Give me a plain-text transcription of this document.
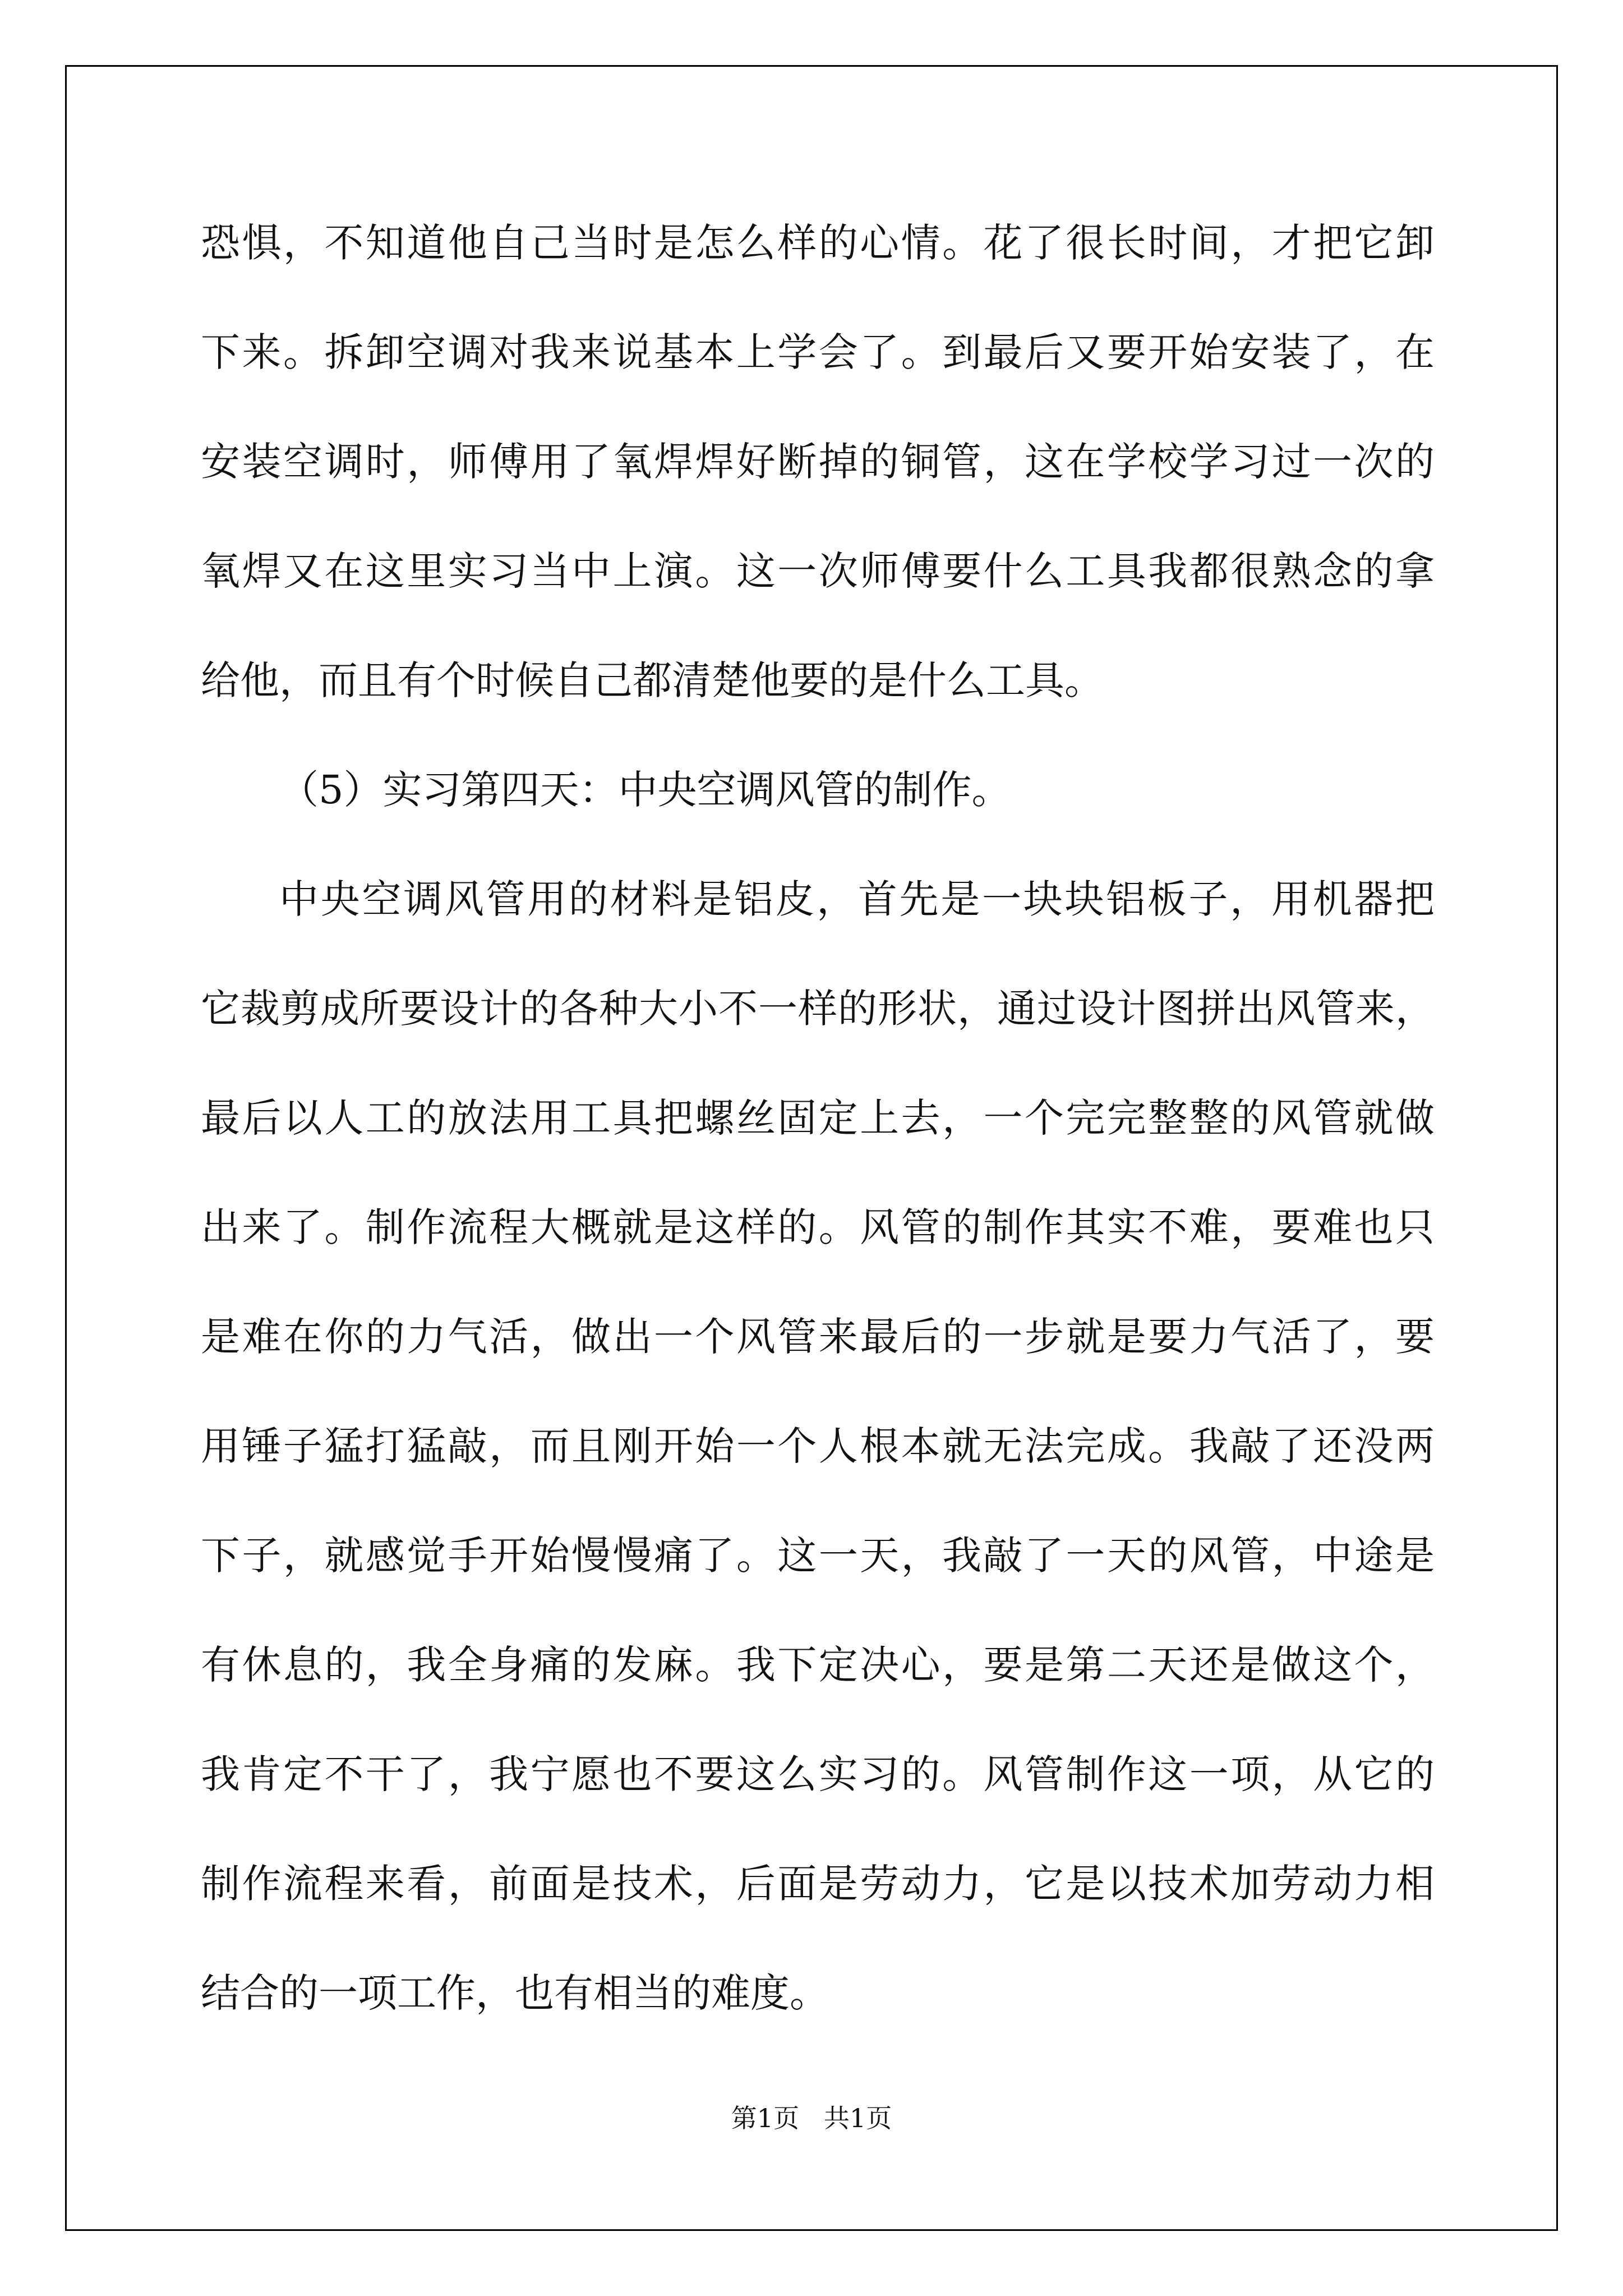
恐惧，不知道他自己当时是怎么样的心情。花了很长时间，才把它卸
下来。拆卸空调对我来说基本上学会了。到最后又要开始安装了，在
安装空调时，师傅用了氧焊焊好断掉的铜管，这在学校学习过一次的
氧焊又在这里实习当中上演。这一次师傅要什么工具我都很熟念的拿
给他，而且有个时候自己都清楚他要的是什么工具。
（5）实习第四天：中央空调风管的制作。
中央空调风管用的材料是铝皮，首先是一块块铝板子，用机器把
它裁剪成所要设计的各种大小不一样的形状，通过设计图拼出风管来，
最后以人工的放法用工具把螺丝固定上去，一个完完整整的风管就做
出来了。制作流程大概就是这样的。风管的制作其实不难，要难也只
是难在你的力气活，做出一个风管来最后的一步就是要力气活了，要
用锤子猛打猛敲，而且刚开始一个人根本就无法完成。我敲了还没两
下子，就感觉手开始慢慢痛了。这一天，我敲了一天的风管，中途是
有休息的，我全身痛的发麻。我下定决心，要是第二天还是做这个，
我肯定不干了，我宁愿也不要这么实习的。风管制作这一项，从它的
制作流程来看，前面是技术，后面是劳动力，它是以技术加劳动力相
结合的一项工作，也有相当的难度。
第1页   共1页
